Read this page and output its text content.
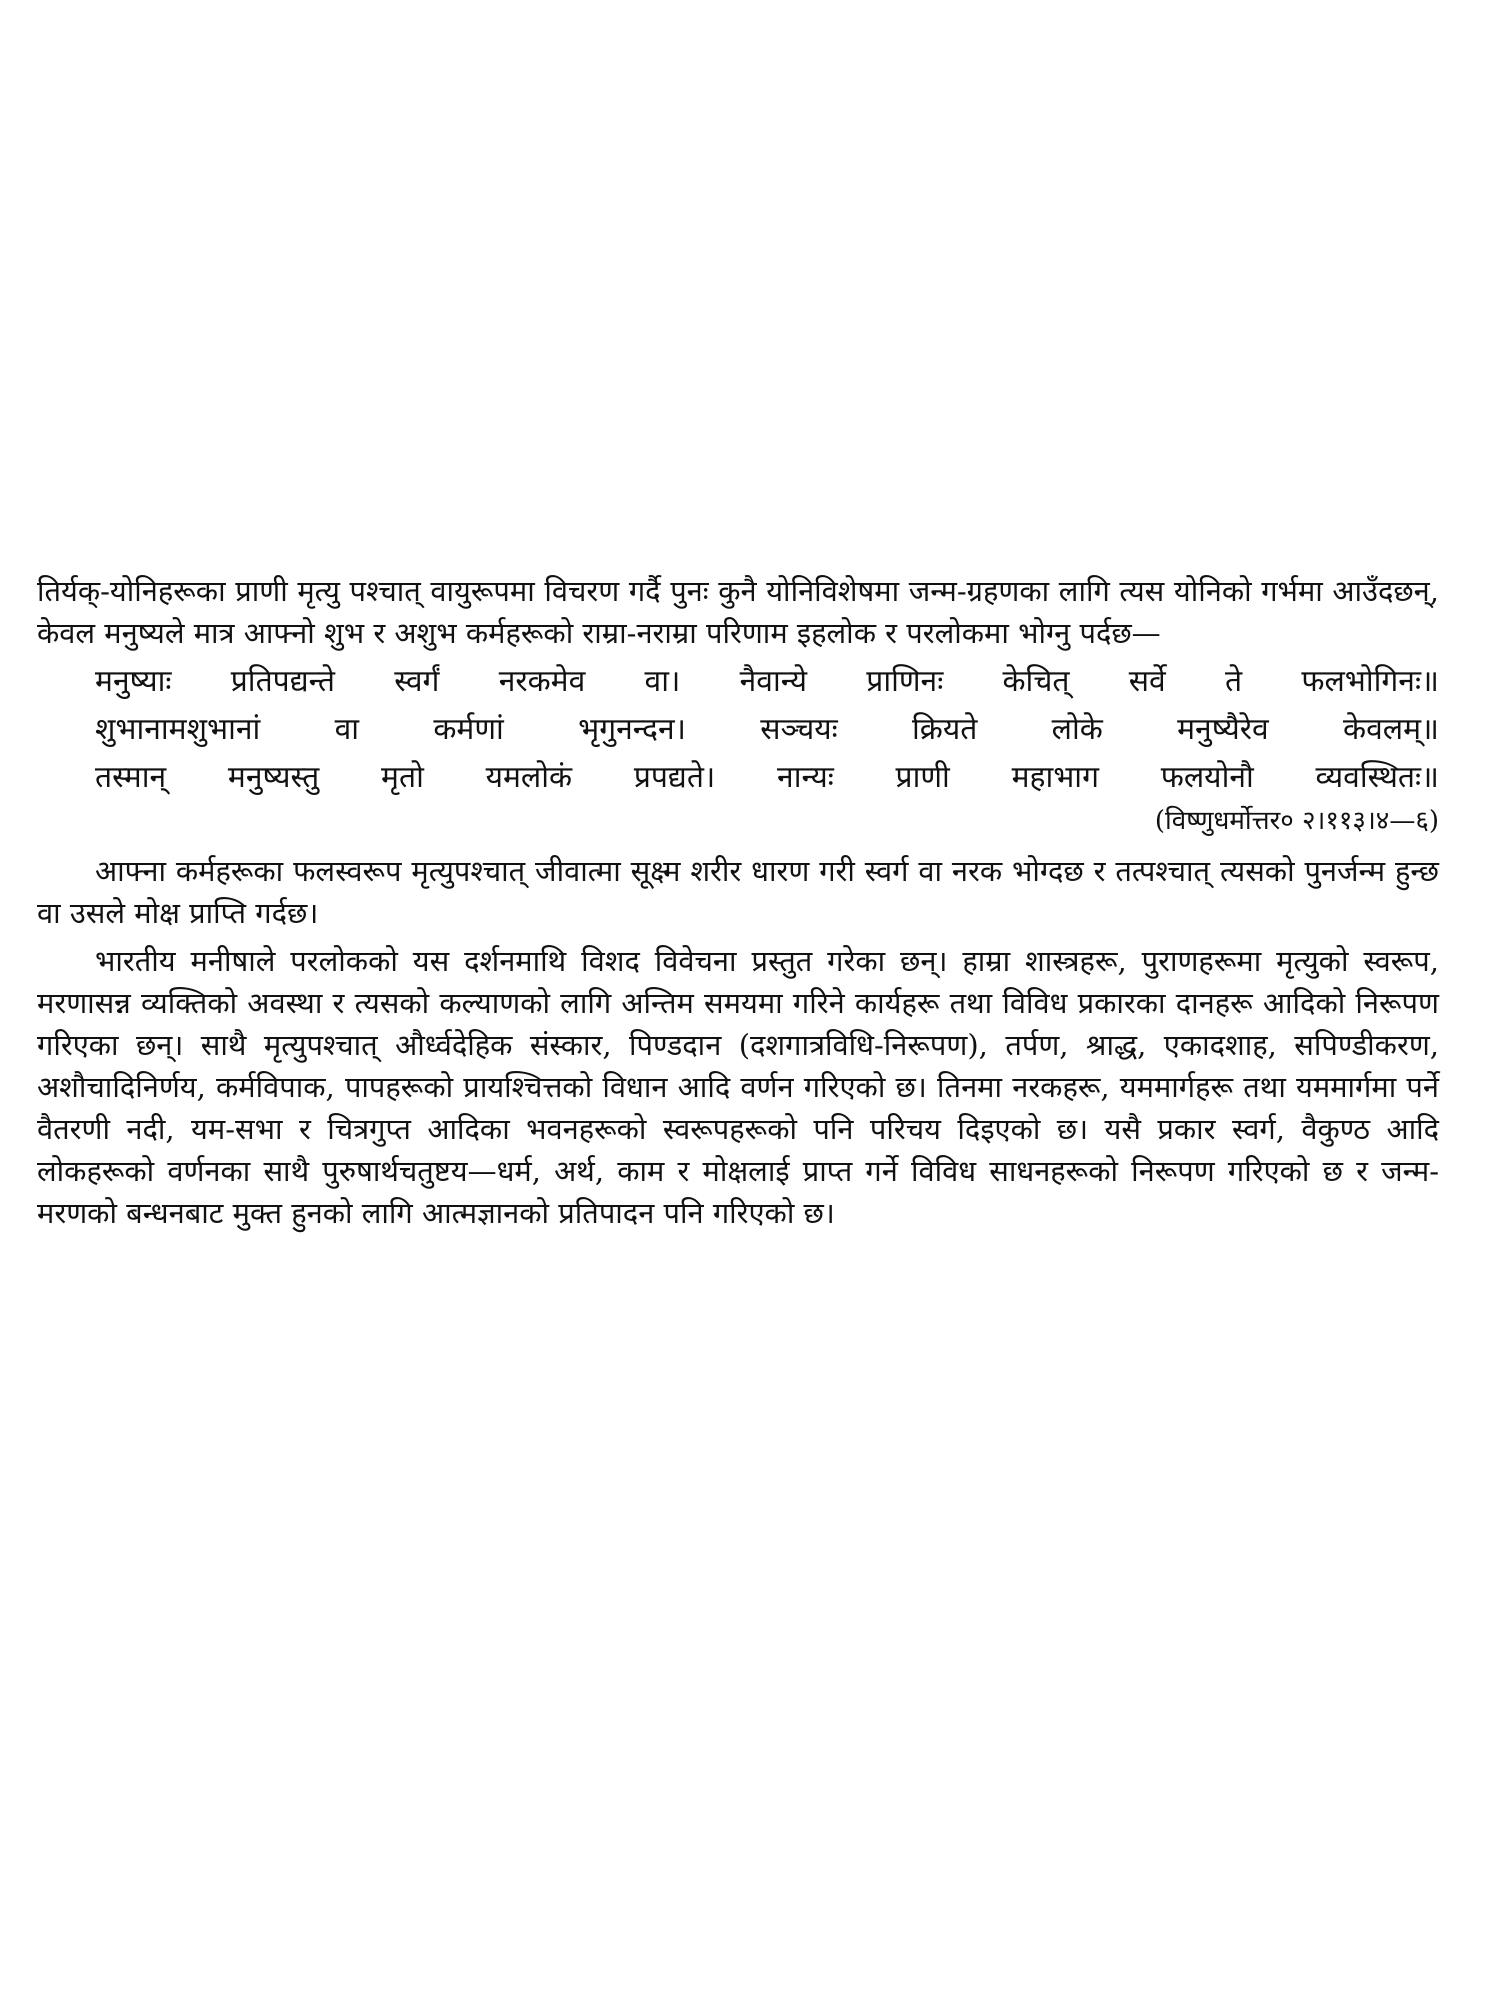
तिर्यक्-योनिहरूका प्राणी मृत्यु पश्चात् वायुरूपमा विचरण गर्दै पुनः कुनै योनिविशेषमा जन्म-ग्रहणका लागि त्यस योनिको गर्भमा आउँदछन्, केवल मनुष्यले मात्र आफ्नो शुभ र अशुभ कर्महरूको राम्रा-नराम्रा परिणाम इहलोक र परलोकमा भोग्नु पर्दछ—

मनुष्याः प्रतिपद्यन्ते स्वर्गं नरकमेव वा। नैवान्ये प्राणिनः केचित् सर्वे ते फलभोगिनः॥
शुभानामशुभानां वा कर्मणां भृगुनन्दन। सञ्चयः क्रियते लोके मनुष्यैरेव केवलम्॥
तस्मान् मनुष्यस्तु मृतो यमलोकं प्रपद्यते। नान्यः प्राणी महाभाग फलयोनौ व्यवस्थितः॥
(विष्णुधर्मोत्तर० २।११३।४—६)

आफ्ना कर्महरूका फलस्वरूप मृत्युपश्चात् जीवात्मा सूक्ष्म शरीर धारण गरी स्वर्ग वा नरक भोग्दछ र तत्पश्चात् त्यसको पुनर्जन्म हुन्छ वा उसले मोक्ष प्राप्ति गर्दछ।

भारतीय मनीषाले परलोकको यस दर्शनमाथि विशद विवेचना प्रस्तुत गरेका छन्। हाम्रा शास्त्रहरू, पुराणहरूमा मृत्युको स्वरूप, मरणासन्न व्यक्तिको अवस्था र त्यसको कल्याणको लागि अन्तिम समयमा गरिने कार्यहरू तथा विविध प्रकारका दानहरू आदिको निरूपण गरिएका छन्। साथै मृत्युपश्चात् और्ध्वदेहिक संस्कार, पिण्डदान (दशगात्रविधि-निरूपण), तर्पण, श्राद्ध, एकादशाह, सपिण्डीकरण, अशौचादिनिर्णय, कर्मविपाक, पापहरूको प्रायश्चित्तको विधान आदि वर्णन गरिएको छ। तिनमा नरकहरू, यममार्गहरू तथा यममार्गमा पर्ने वैतरणी नदी, यम-सभा र चित्रगुप्त आदिका भवनहरूको स्वरूपहरूको पनि परिचय दिइएको छ। यसै प्रकार स्वर्ग, वैकुण्ठ आदि लोकहरूको वर्णनका साथै पुरुषार्थचतुष्टय—धर्म, अर्थ, काम र मोक्षलाई प्राप्त गर्ने विविध साधनहरूको निरूपण गरिएको छ र जन्म-मरणको बन्धनबाट मुक्त हुनको लागि आत्मज्ञानको प्रतिपादन पनि गरिएको छ।
